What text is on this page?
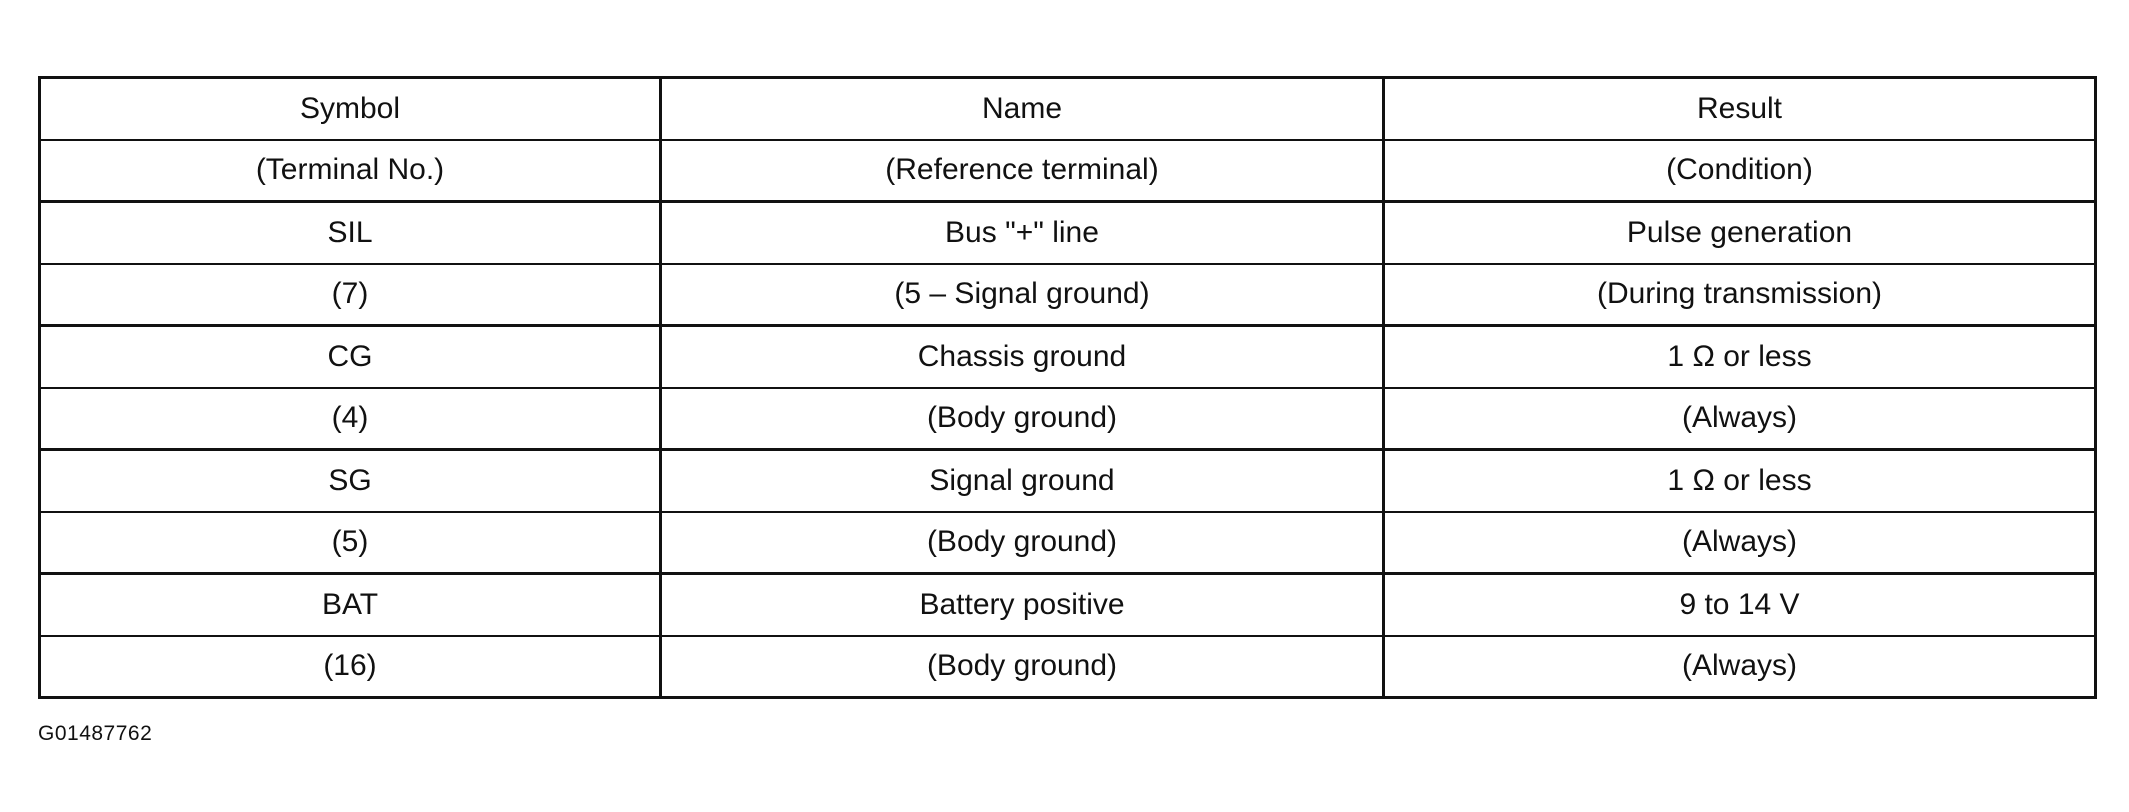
Symbol	Name	Result
(Terminal No.)	(Reference terminal)	(Condition)
SIL	Bus "+" line	Pulse generation
(7)	(5 – Signal ground)	(During transmission)
CG	Chassis ground	1 Ω or less
(4)	(Body ground)	(Always)
SG	Signal ground	1 Ω or less
(5)	(Body ground)	(Always)
BAT	Battery positive	9 to 14 V
(16)	(Body ground)	(Always)
G01487762
